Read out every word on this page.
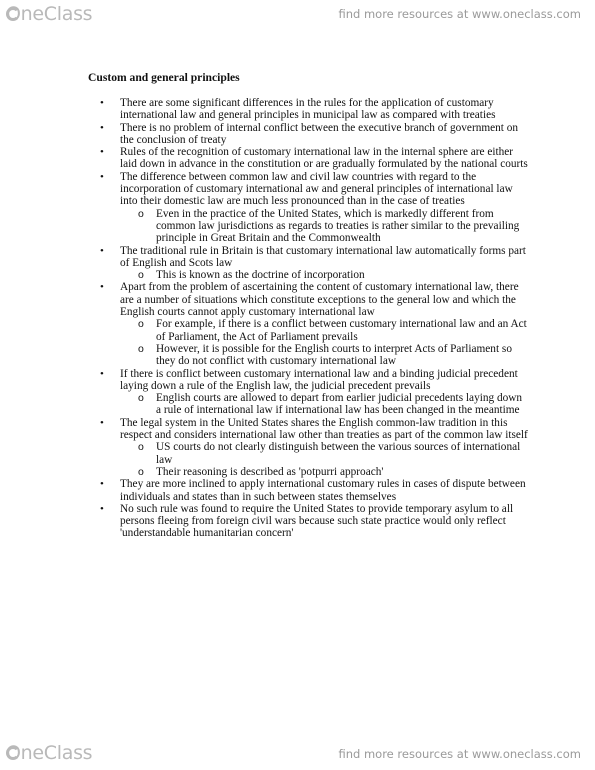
OneClass	find more resources at www.oneclass.com
Custom and general principles
• There are some significant differences in the rules for the application of customary international law and general principles in municipal law as compared with treaties
• There is no problem of internal conflict between the executive branch of government on the conclusion of treaty
• Rules of the recognition of customary international law in the internal sphere are either laid down in advance in the constitution or are gradually formulated by the national courts
• The difference between common law and civil law countries with regard to the incorporation of customary international aw and general principles of international law into their domestic law are much less pronounced than in the case of treaties
o Even in the practice of the United States, which is markedly different from common law jurisdictions as regards to treaties is rather similar to the prevailing principle in Great Britain and the Commonwealth
• The traditional rule in Britain is that customary international law automatically forms part of English and Scots law
o This is known as the doctrine of incorporation
• Apart from the problem of ascertaining the content of customary international law, there are a number of situations which constitute exceptions to the general low and which the English courts cannot apply customary international law
o For example, if there is a conflict between customary international law and an Act of Parliament, the Act of Parliament prevails
o However, it is possible for the English courts to interpret Acts of Parliament so they do not conflict with customary international law
• If there is conflict between customary international law and a binding judicial precedent laying down a rule of the English law, the judicial precedent prevails
o English courts are allowed to depart from earlier judicial precedents laying down a rule of international law if international law has been changed in the meantime
• The legal system in the United States shares the English common-law tradition in this respect and considers international law other than treaties as part of the common law itself
o US courts do not clearly distinguish between the various sources of international law
o Their reasoning is described as 'potpurri approach'
• They are more inclined to apply international customary rules in cases of dispute between individuals and states than in such between states themselves
• No such rule was found to require the United States to provide temporary asylum to all persons fleeing from foreign civil wars because such state practice would only reflect 'understandable humanitarian concern'
OneClass	find more resources at www.oneclass.com
